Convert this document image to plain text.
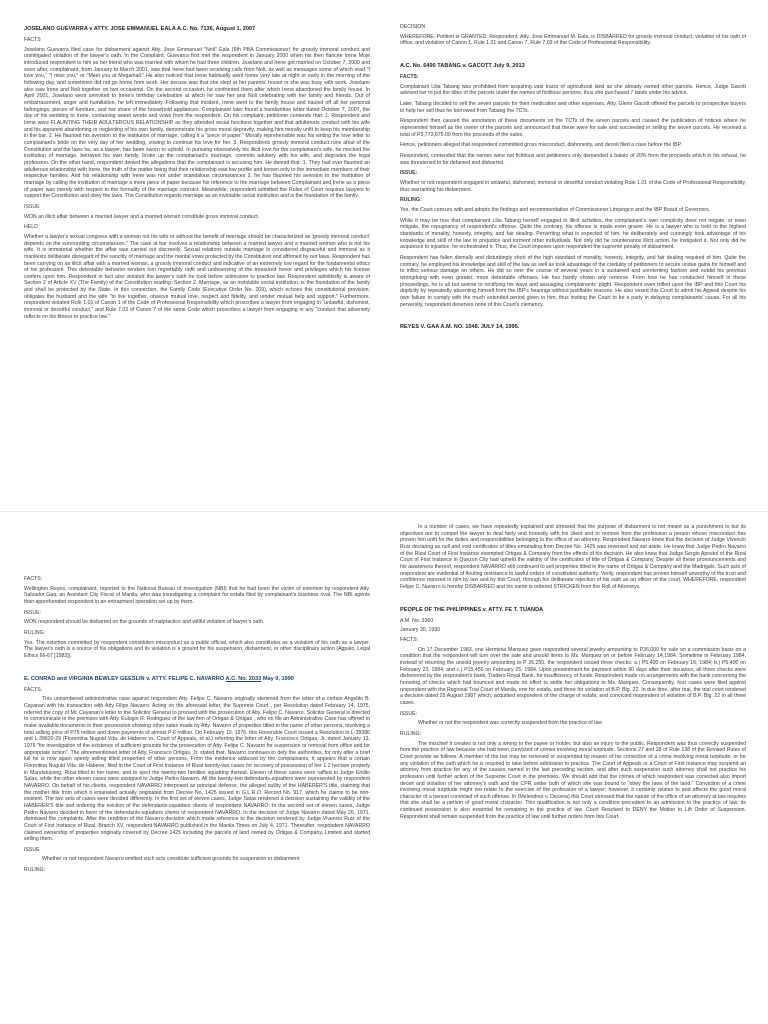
JOSELANO GUEVARRA v ATTY. JOSE EMMANUEL EALA A.C. No. 7136, August 1, 2007

FACTS

Joselano Guevarra filed case for disbarment against Atty. Jose Emmanuel "Noli" Eala (6th PBA Commissioner) for grossly immoral conduct and unmitigated violation of the lawyer's oath. In the Complaint, Guevarra first met the respondent in January 2000 when his then fiancée Irene Moje introduced respondent to him as her friend who was married with whom he had three children. Joselano and Irene got married on October 7, 2000 and soon after, complainant, from January to March 2001, saw that Irene had been receiving calls from Noli, as well as messages some of which read "I love you," "I miss you," or "Meet you at Megamall." He also noticed that Irene habitually went home very late at night or early in the morning of the following day, and sometimes did not go home from work. Her excuse was that she slept at her parents' house or she was busy with work. Joselano also saw Irene and Noli together on two occasions. On the second occasion, he confronted them after which Irene abandoned the family house. In April 2001, Joselano went uninvited to Irene's birthday celebration at which he saw her and Noli celebrating with her family and friends. Out of embarrassment, anger and humiliation, he left immediately. Following that incident, Irene went to the family house and hauled off all her personal belongings, pieces of furniture, and her share of the household appliances. Complainant later found a handwritten letter dated October 7, 2007, the day of his wedding to Irene, containing sweet words and vows from the respondent. On his complaint, petitioner contends that: 1. Respondent and Irene were FLAUNTING THEIR ADULTEROUS RELATIONSHIP as they attended social functions together and that adulterous conduct with his wife and his apparent abandoning or neglecting of his own family, demonstrate his gross moral depravity, making him morally unfit to keep his membership in the bar. 2. He flaunted his aversion to the institution of marriage, calling it a "piece of paper." Morally reprehensible was his writing the love letter to complainant's bride on the very day of her wedding, vowing to continue his love for her. 3. Respondents grossly immoral conduct runs afoul of the Constitution and the laws he, as a lawyer, has been sworn to uphold. In pursuing obsessively his illicit love for the complainant's wife, he mocked the institution of marriage, betrayed his own family, broke up the complainant's marriage, commits adultery with his wife, and degrades the legal profession. On the other hand, respondent denied the allegations that the complainant is accusing him. He denied that: 1. They had ever flaunted an adulterous relationship with Irene, the truth of the matter being that their relationship was low profile and known only to the immediate members of their respective families. And his relationship with Irene was not under scandalous circumstances 2. he has flaunted his aversion to the institution of marriage by calling the institution of marriage a mere piece of paper because his reference to the marriage between Complainant and Irene as a piece of paper was merely with respect to the formality of the marriage contract. Meanwhile, respondent admitted the Rules of Court requires lawyers to support the Constitution and obey the laws. The Constitution regards marriage as an inviolable social institution and is the foundation of the family.

ISSUE

WON an illicit affair between a married lawyer and a married woman constitute gross immoral conduct.

HELD

Whether a lawyer's sexual congress with a woman not his wife or without the benefit of marriage should be characterized as 'grossly immoral conduct' depends on the surrounding circumstances." The case at bar involves a relationship between a married lawyer and a married woman who is not his wife. It is immaterial whether the affair was carried out discreetly. Sexual relations outside marriage is considered disgraceful and immoral as it manifests deliberate disregard of the sanctity of marriage and the marital vows protected by the Constitution and affirmed by our laws. Respondent has been carrying on an illicit affair with a married woman, a grossly immoral conduct and indicative of an extremely low regard for the fundamental ethics of his profession. This detestable behavior renders him regrettably unfit and undeserving of the treasured honor and privileges which his license confers upon him. Respondent in fact also violated the lawyer's oath he took before admission to practice law. Respondent admittedly is aware of Section 2 of Article XV (The Family) of the Constitution reading: Section 2. Marriage, as an inviolable social institution, is the foundation of the family and shall be protected by the State. In this connection, the Family Code (Executive Order No. 209), which echoes this constitutional provision, obligates the husband and the wife "to live together, observe mutual love, respect and fidelity, and render mutual help and support." Furthermore, respondent violated Rule 1.01 of Canon 1 of the Code of Professional Responsibility which proscribes a lawyer from engaging in "unlawful, dishonest, immoral or deceitful conduct," and Rule 7.03 of Canon 7 of the same Code which proscribes a lawyer from engaging in any "conduct that adversely reflects on his fitness to practice law."

DECISION

WHEREFORE, Petition is GRANTED. Respondent, Atty. Jose Emmanuel M. Eala, is DISBARRED for grossly immoral conduct, violation of his oath of office, and violation of Canon 1, Rule 1.01 and Canon 7, Rule 7.03 of the Code of Professional Responsibility.

A.C. No. 6490 TABANG v. GACOTT July 9, 2013

FACTS:

Complainant Lilia Tabang was prohibited from acquiring vast tracts of agricultural land as she already owned other parcels. Hence, Judge Gacott advised her to put the titles of the parcels under the names of fictitious persons, thus she purchased 7 lands under his advice.

Later, Tabang decided to sell the seven parcels for their medication and other expenses. Atty. Glenn Gacott offered the parcels to prospective buyers to help her sell thus he borrowed from Tabang the TCTs.

Respondent then caused the annotation of these documents on the TCTs of the seven parcels and caused the publication of notices where he represented himself as the owner of the parcels and announced that these were for sale and succeeded in selling the seven parcels. He received a total of P3,773,675.00 from the proceeds of the sales.

Hence, petitioners alleged that respondent committed gross misconduct, dishonesty, and deceit filed a case before the IBP.

Respondent, contended that the names were not fictitious and petitioners only demanded a balato of 20% from the proceeds which in his refusal, he was threatened to be defamed and disbarred.

ISSUE:

Whether or not respondent engaged in unlawful, dishonest, immoral or deceitful conduct violating Rule 1.01 of the Code of Professional Responsibility, thus warranting his disbarment.

RULING:

Yes, the Court concurs with and adopts the findings and recommendation of Commissioner Limpingco and the IBP Board of Governors.

While it may be true that complainant Lilia Tabang herself engaged in illicit activities, the complainant's own complicity does not negate, or even mitigate, the repugnancy of respondent's offense. Quite the contrary, his offense is made even graver. He is a lawyer who is held to the highest standards of morality, honesty, integrity, and fair dealing. Perverting what is expected of him, he deliberately and cunningly took advantage of his knowledge and skill of the law to prejudice and torment other individuals. Not only did he countenance illicit action, he instigated it. Not only did he acquiesce to injustice, he orchestrated it. Thus, the Court imposes upon respondent the supreme penalty of disbarment.

Respondent has fallen dismally and disturbingly short of the high standard of morality, honesty, integrity, and fair dealing required of him. Quite the contrary, he employed his knowledge and skill of the law as well as took advantage of the credulity of petitioners to secure undue gains for himself and to inflict serious damage on others. He did so over the course of several years in a sustained and unrelenting fashion and outdid his previous wrongdoing with even greater, more detestable offenses. He has hardly shown any remorse. From how he has conducted himself in these proceedings, he is all but averse to rectifying his ways and assuaging complainants' plight. Respondent even trifled upon the IBP and this Court his duplicity by repeatedly absenting himself from the IBP's hearings without justifiable reasons. He also vexed this Court to admit his Appeal despite his own failure to comply with the much extended period given to him, thus inviting the Court to be a party in delaying complainants' cause. For all his perversity, respondent deserves none of this Court's clemency.

REYES V. GAA A.M. NO. 1048. JULY 14, 1995.

FACTS:

Wellington Reyes, complainant, reported to the National Bureau of Investigation (NBI) that he had been the victim of extortion by respondent Atty. Salvador Gaa, an Assistant City Fiscal of Manila, who was investigating a complaint for estafa filed by complainant's business rival. The NBI agents then apprehended respondent in an entrapment operation set up by them.

ISSUE:

WON respondent should be disbarred on the grounds of malpractice and willful violation of lawyer's oath.

RULING:

Yes. The extortion committed by respondent constitutes misconduct as a public official, which also constitutes as a violation of his oath as a lawyer. The lawyer's oath is a source of his obligations and its violation is a ground for his suspension, disbarment, or other disciplinary action (Agpalo, Legal Ethics 66-67 [1983]).

E. CONRAD and VIRGINIA BEWLEY GEESLIN v. ATTY. FELIPE C. NAVARRO A.C. No. 2033 May 9, 1990

FACTS:

This unnumbered administrative case against respondent Atty. Felipe C. Navarro originally stemmed from the letter of a certain Angelito B. Cayanan with his transaction with Atty Filipe Navarro. Acting on the aforesaid letter, the Supreme Court , per Resolution dated February 14, 1975, referred the copy of Mr. Cayanan's letter to the Solicitor General to proceed with the prosecution of Atty. Felipe C. Navarro. Solicitor General is directed to communicate in the premises with Atty. Eulogio R. Rodriguez of the law firm of Ortigas & Ortigas , who on file an Administrative Case has offered to make available documents in their possession showing other sales made by Atty. Navarro of properties titled in the name of other persons, involving a total selling price of P75 million and down payments of almost P 6 million. On February 13, 1976, this Honorable Court issued a Resolution in L-39386 and L-39620-29 (Florentina Nuguid Vda. de Haberer vs. Court of Appeals, et al.) referring the letter of Atty. Francisco Ortigas, Jr. dated January 13, 1976 "for investigation of the existence of sufficient grounds for the prosecution of Atty. Felipe C. Navarro for suspension or removal from office and for appropriate action". The aforementioned letter of Atty. Francisco Ortigas, Jr. stated that, Navarro continues to defy the authorities, for only after a brief lull he is now again openly selling titled properties of other persons. From the evidence adduced by the complainants, it appears that a certain Florentina Nuguid Vda. de Haberer, filed in the Court of First Instance of Rizal twenty-two cases for recovery of possession of her 1.2 hectare property in Mandaluyong, Rizal titled in her name, and to eject the twenty-two families squatting thereat. Eleven of these cases were raffled to Judge Emilio Salas, while the other eleven cases were assigned to Judge Pedro Navarro. All the twenty-two defendants-squatters were represented by respondent NAVARRO. On behalf of his clients, respondent NAVARRO interposed as principal defense, the alleged nullity of the HABERER'S title, claiming that the mother title from which it emanated actually originated from Decree No. 1425 issued in G.L.R.O. Record No. 917, which he claims to be non-existent. The two sets of cases were decided differently. In the first set of eleven cases, Judge Salas rendered a decision sustaining the validity of the HABERER'S title and ordering the eviction of the defendants-squatters clients of respondent NAVARRO. In the second set of eleven cases, Judge Pedro Navarro decided in favor of the defendants-squatters clients of respondent NAVARRO. In the decision of Judge Navarro dated May 26, 1971, dismissed the complaints. After the rendition of the Navarro decision which made reference to the decision rendered by Judge Vivencio Ruiz of the Court of First Instance of Rizal, Branch XV, respondent NAVARRO published in the Manila Times on July 4, 1971. Thereafter, respondent NAVARRO claimed ownership of properties originally covered by Decree 1425 including the parcels of land owned by Ortigas & Company, Limited and started selling them.

ISSUE

Whether or not respondent Navarro omitted such acts constitute sufficient grounds for suspension or disbarment

RULING:

In a number of cases, we have repeatedly explained and stressed that the purpose of disbarment is not meant as a punishment to but its objectives are to compel the lawyer to deal fairly and honestly with his client and to remove from the profession a person whose misconduct has proven him unfit for the duties and responsibilities belonging to the office of an attorney. Respondent Navarro knew that the decision of Judge Vivencio Ruiz declaring as null and void certificates of titles emanating from Decree No. 1425 was reversed and set aside. He knew that Judge Pedro Navarro of the Rizal Court of First Instance exempted Ortigas & Company from the effects of his decision. He also knew that Judge Sergio Apostol of the Rizal Court of First Instance in Quezon City had upheld the validity of the certificates of title of Ortigas & Company. Despite all these pronouncements and his awareness thereof, respondent NAVARRO still continued to sell properties titled in the name of Ortigas & Company and the Madrigals. Such acts of respondent are evidential of flouting resistance to lawful orders of constituted authority. Verily, respondent has proven himself unworthy of the trust and confidence reposed in him by law and by this Court, through his deliberate rejection of his oath as an officer of the court. WHEREFORE, respondent Felipe C. Navarro is hereby DISBARRED and his name is ordered STRICKEN from the Roll of Attorneys.

PEOPLE OF THE PHILIPPINES v. ATTY. FE T. TUANDA

A.M. No. 3360

January 30, 1990

FACTS:

On 17 December 1983, one Herminia Marquez gave respondent several jewelry amounting to P36,000 for sale on a commission basis on a condition that the respondent will turn over the sale and unsold items to Ms. Marquez on or before February 14,1984. Sometime in February 1984, instead of returning the unsold jewelry amounting to P 26,250, the respondent issued three checks: a.) P5,400 on February 16, 1984; b.) P5,400 on February 23, 1984; and c.) P15,450 on February 25, 1984. Upon presentment for payment within 90 days after their issuance, all three checks were dishonored by the respondent's bank, Traders Royal Bank, for insufficiency of funds. Respondent made no arrangements with the bank concerning the honoring of checks which had bounced and made no effort to settle her obligations to Ms. Marquez. Consequently, four cases were filed against respondent with the Regional Trial Court of Manila, one for estafa, and three for violation of B.P. Blg. 22. In due time, after trial, the trial court rendered a decision dated 25 August 1987 which, acquitted respondent of the charge of estafa; and convicted respondent of violation of B.P. Blg. 22 in all three cases.

ISSUE:

Whether or not the respondent was correctly suspended from the practice of law

RULING:

The mischief it creates is not only a wrong to the payee or holder, but also an injury to the public. Respondent was thus correctly suspended from the practice of law because she had been convicted of crimes involving moral turpitude. Sections 27 and 28 of Rule 138 of the Revised Rules of Court provide as follows: A member of the bar may be removed or suspended by reason of his conviction of a crime involving moral turpitude, or for any violation of the oath which he is required to take before admission to practice. The Court of Appeals or a Court of First Instance may suspend an attorney from practice for any of the causes named in the last preceding section, and after such suspension such attorney shall not practice his profession until further action of the Supreme Court in the premises. We should add that the crimes of which respondent was convicted also import deceit and violation of her attorney's oath and the CPR under both of which she was bound to "obey the laws of the land." Conviction of a crime involving moral turpitude might not relate to the exercise of the profession of a lawyer; however, it certainly relates to and affects the good moral character of a person convicted of such offense. In (Melendrez v. Decena) this Court stressed that the nature of the office of an attorney at law requires that she shall be a person of good moral character. This qualification is not only a condition precedent to an admission to the practice of law; its continued possession is also essential for remaining in the practice of law. Court Resolved to DENY the Motion to Lift Order of Suspension. Respondent shall remain suspended from the practice of law until further orders from this Court.
